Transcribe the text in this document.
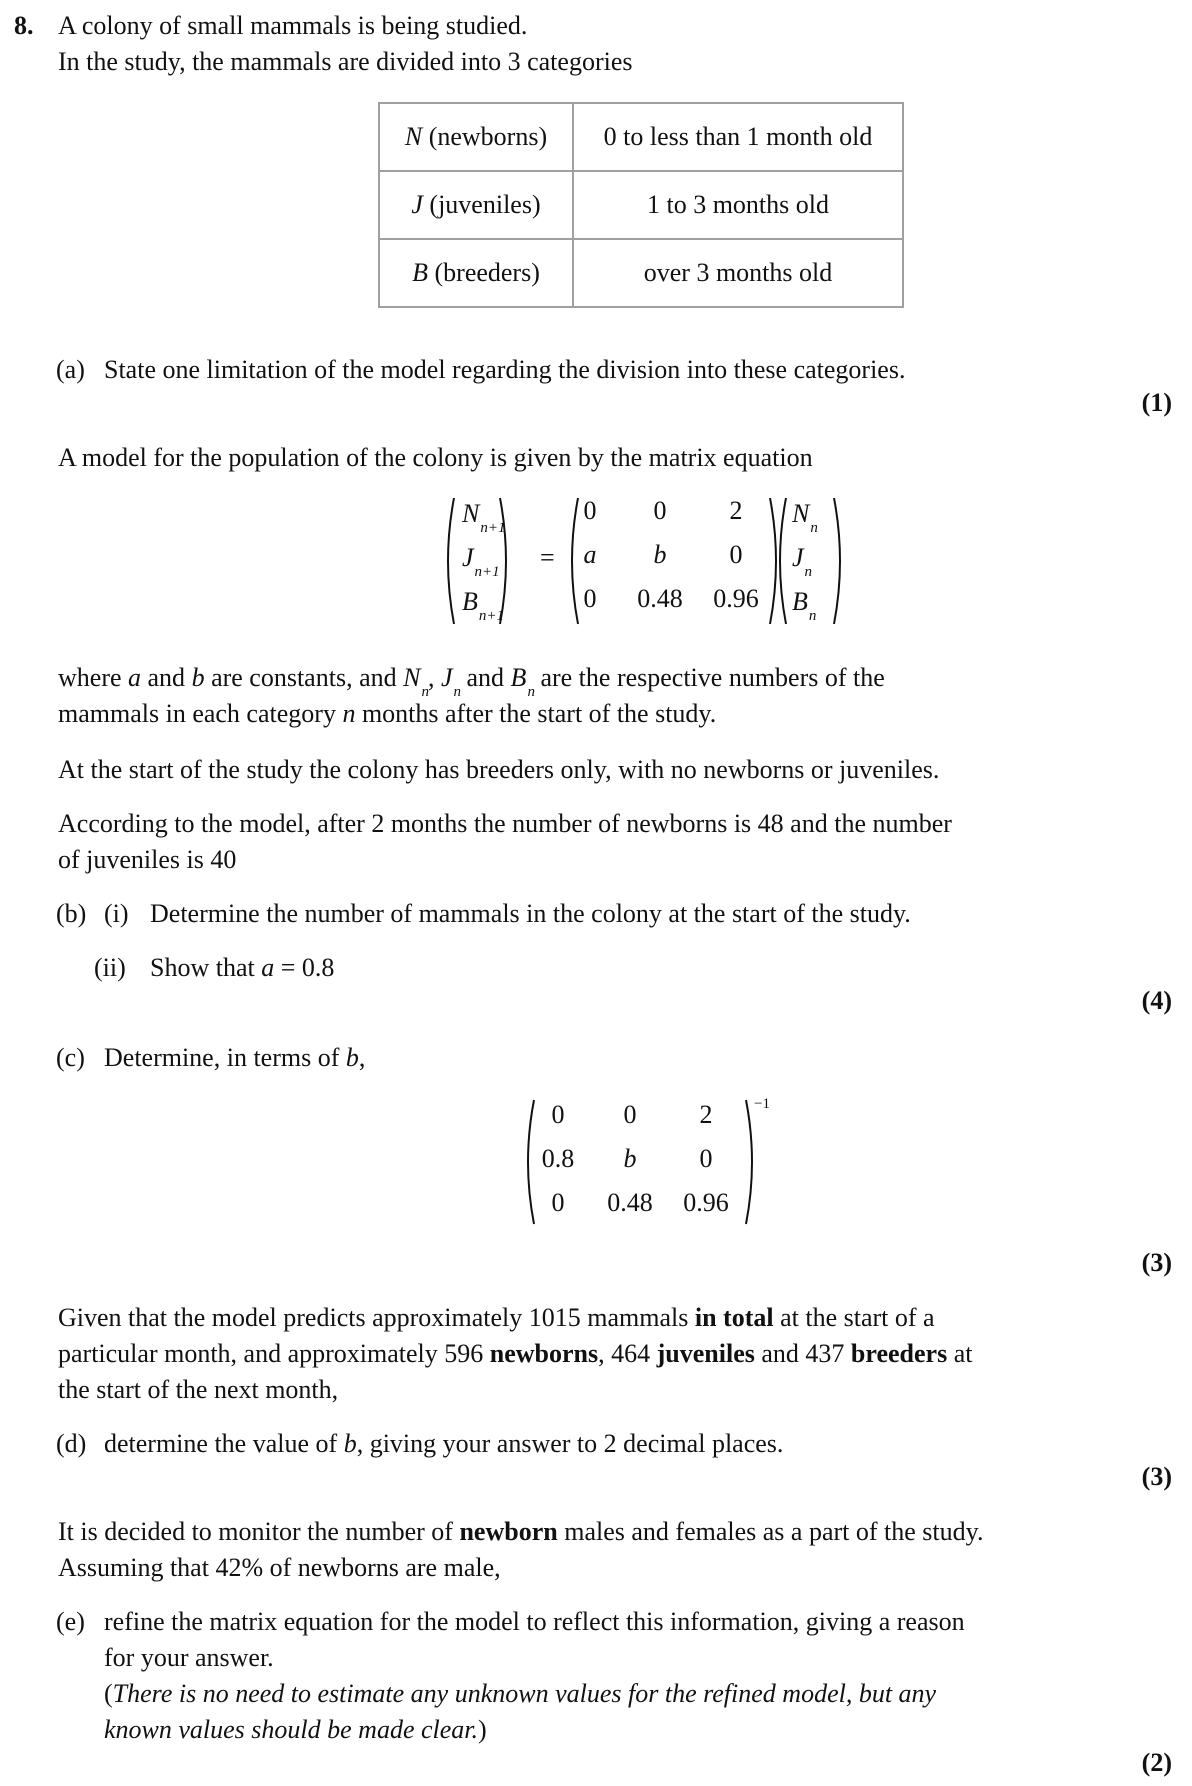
8. A colony of small mammals is being studied.
In the study, the mammals are divided into 3 categories
N (newborns)	0 to less than 1 month old
J (juveniles)	1 to 3 months old
B (breeders)	over 3 months old
(a) State one limitation of the model regarding the division into these categories.
(1)
A model for the population of the colony is given by the matrix equation
$N_{n+1}$
$J_{n+1}$
$B_{n+1}$
=
0	0	2
a	b	0
0	0.48 0.96
$N_n$
$J_n$
$B_n$
where a and b are constants, and $N_n$, $J_n$ and $B_n$ are the respective numbers of the
mammals in each category n months after the start of the study.
At the start of the study the colony has breeders only, with no newborns or juveniles.
According to the model, after 2 months the number of newborns is 48 and the number
of juveniles is 40
(b) (i) Determine the number of mammals in the colony at the start of the study.
(ii) Show that a = 0.8
(4)
(c) Determine, in terms of b,
0	0	2
0.8	b	0
0	0.48 0.96
−1
(3)
Given that the model predicts approximately 1015 mammals in total at the start of a
particular month, and approximately 596 newborns, 464 juveniles and 437 breeders at
the start of the next month,
(d) determine the value of b, giving your answer to 2 decimal places.
(3)
It is decided to monitor the number of newborn males and females as a part of the study.
Assuming that 42% of newborns are male,
(e) refine the matrix equation for the model to reflect this information, giving a reason
for your answer.
(There is no need to estimate any unknown values for the refined model, but any
known values should be made clear.)
(2)
